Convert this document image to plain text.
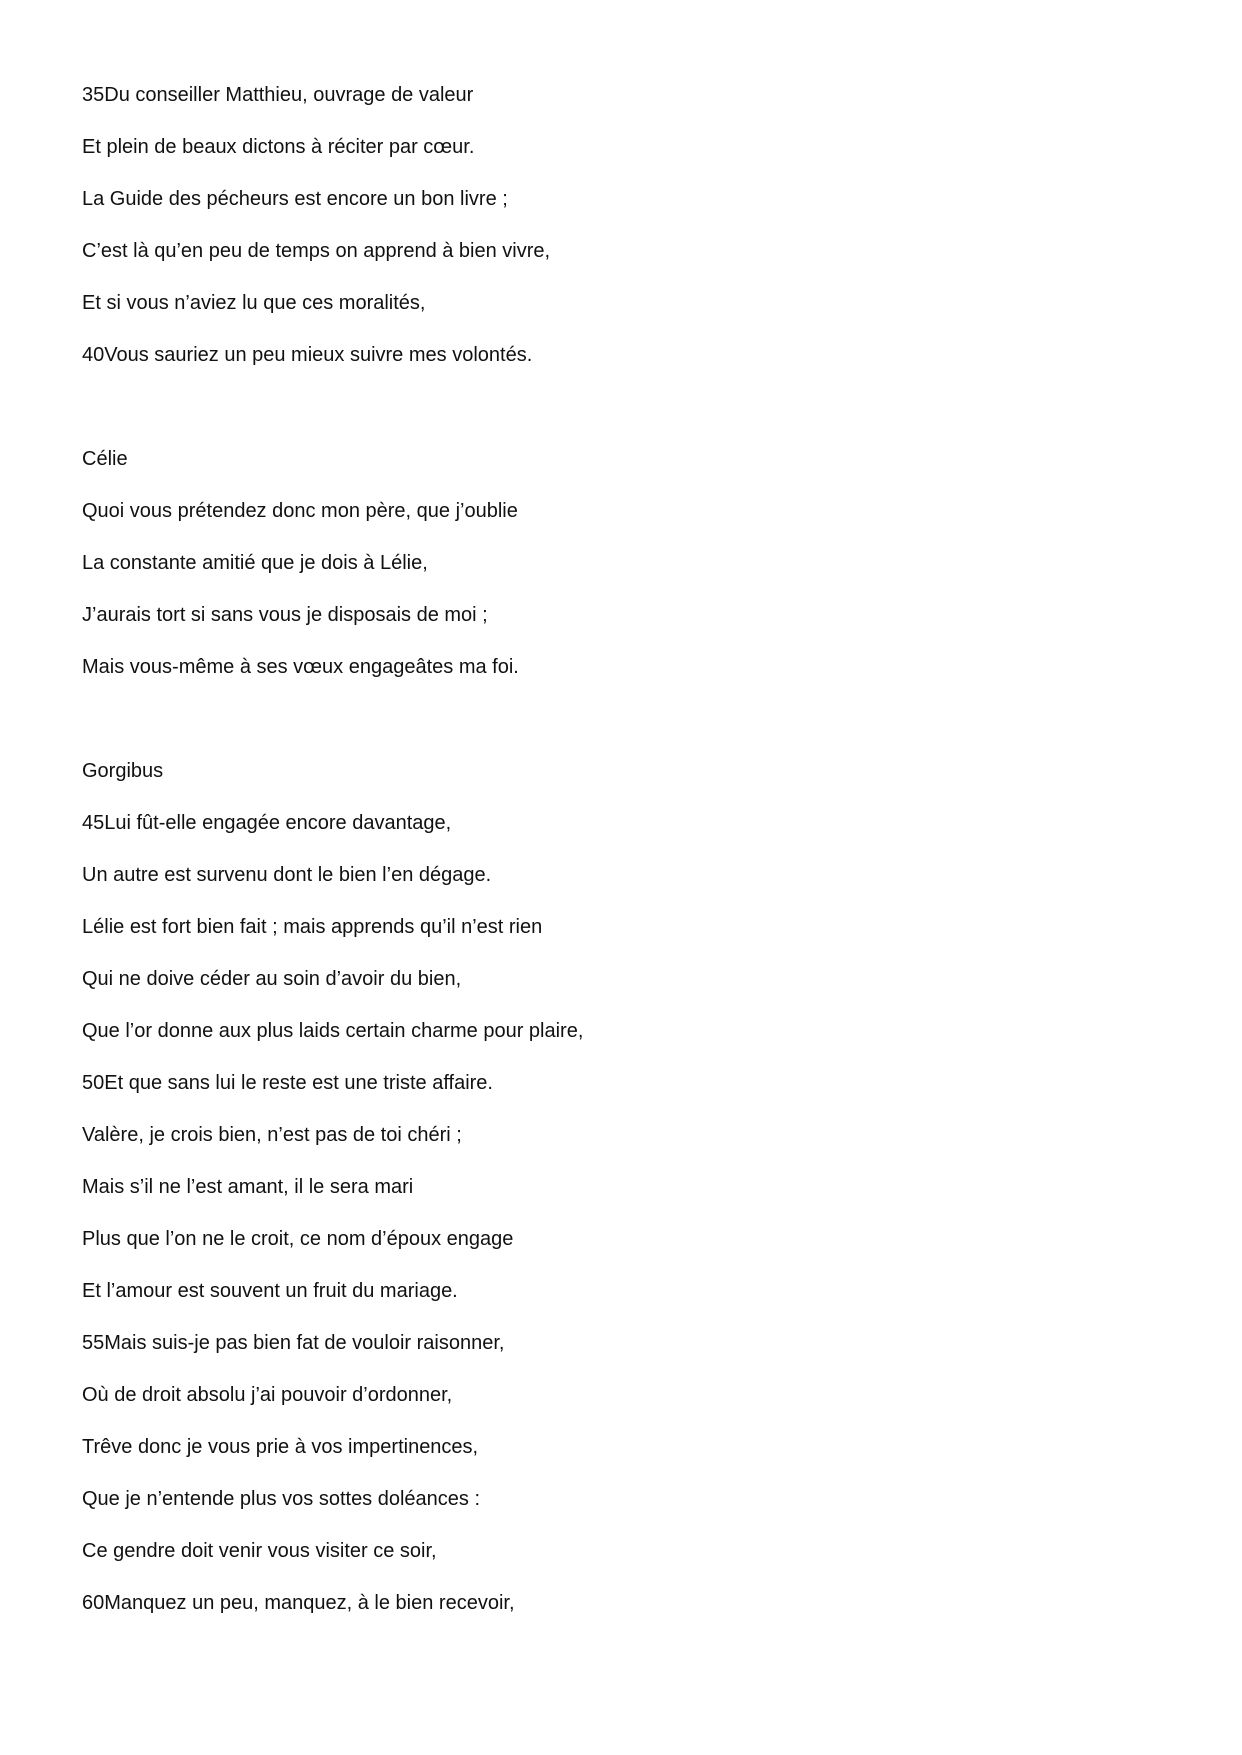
35Du conseiller Matthieu, ouvrage de valeur
Et plein de beaux dictons à réciter par cœur.
La Guide des pécheurs est encore un bon livre ;
C’est là qu’en peu de temps on apprend à bien vivre,
Et si vous n’aviez lu que ces moralités,
40Vous sauriez un peu mieux suivre mes volontés.
Célie
Quoi vous prétendez donc mon père, que j’oublie
La constante amitié que je dois à Lélie,
J’aurais tort si sans vous je disposais de moi ;
Mais vous-même à ses vœux engageâtes ma foi.
Gorgibus
45Lui fût-elle engagée encore davantage,
Un autre est survenu dont le bien l’en dégage.
Lélie est fort bien fait ; mais apprends qu’il n’est rien
Qui ne doive céder au soin d’avoir du bien,
Que l’or donne aux plus laids certain charme pour plaire,
50Et que sans lui le reste est une triste affaire.
Valère, je crois bien, n’est pas de toi chéri ;
Mais s’il ne l’est amant, il le sera mari
Plus que l’on ne le croit, ce nom d’époux engage
Et l’amour est souvent un fruit du mariage.
55Mais suis-je pas bien fat de vouloir raisonner,
Où de droit absolu j’ai pouvoir d’ordonner,
Trêve donc je vous prie à vos impertinences,
Que je n’entende plus vos sottes doléances :
Ce gendre doit venir vous visiter ce soir,
60Manquez un peu, manquez, à le bien recevoir,
